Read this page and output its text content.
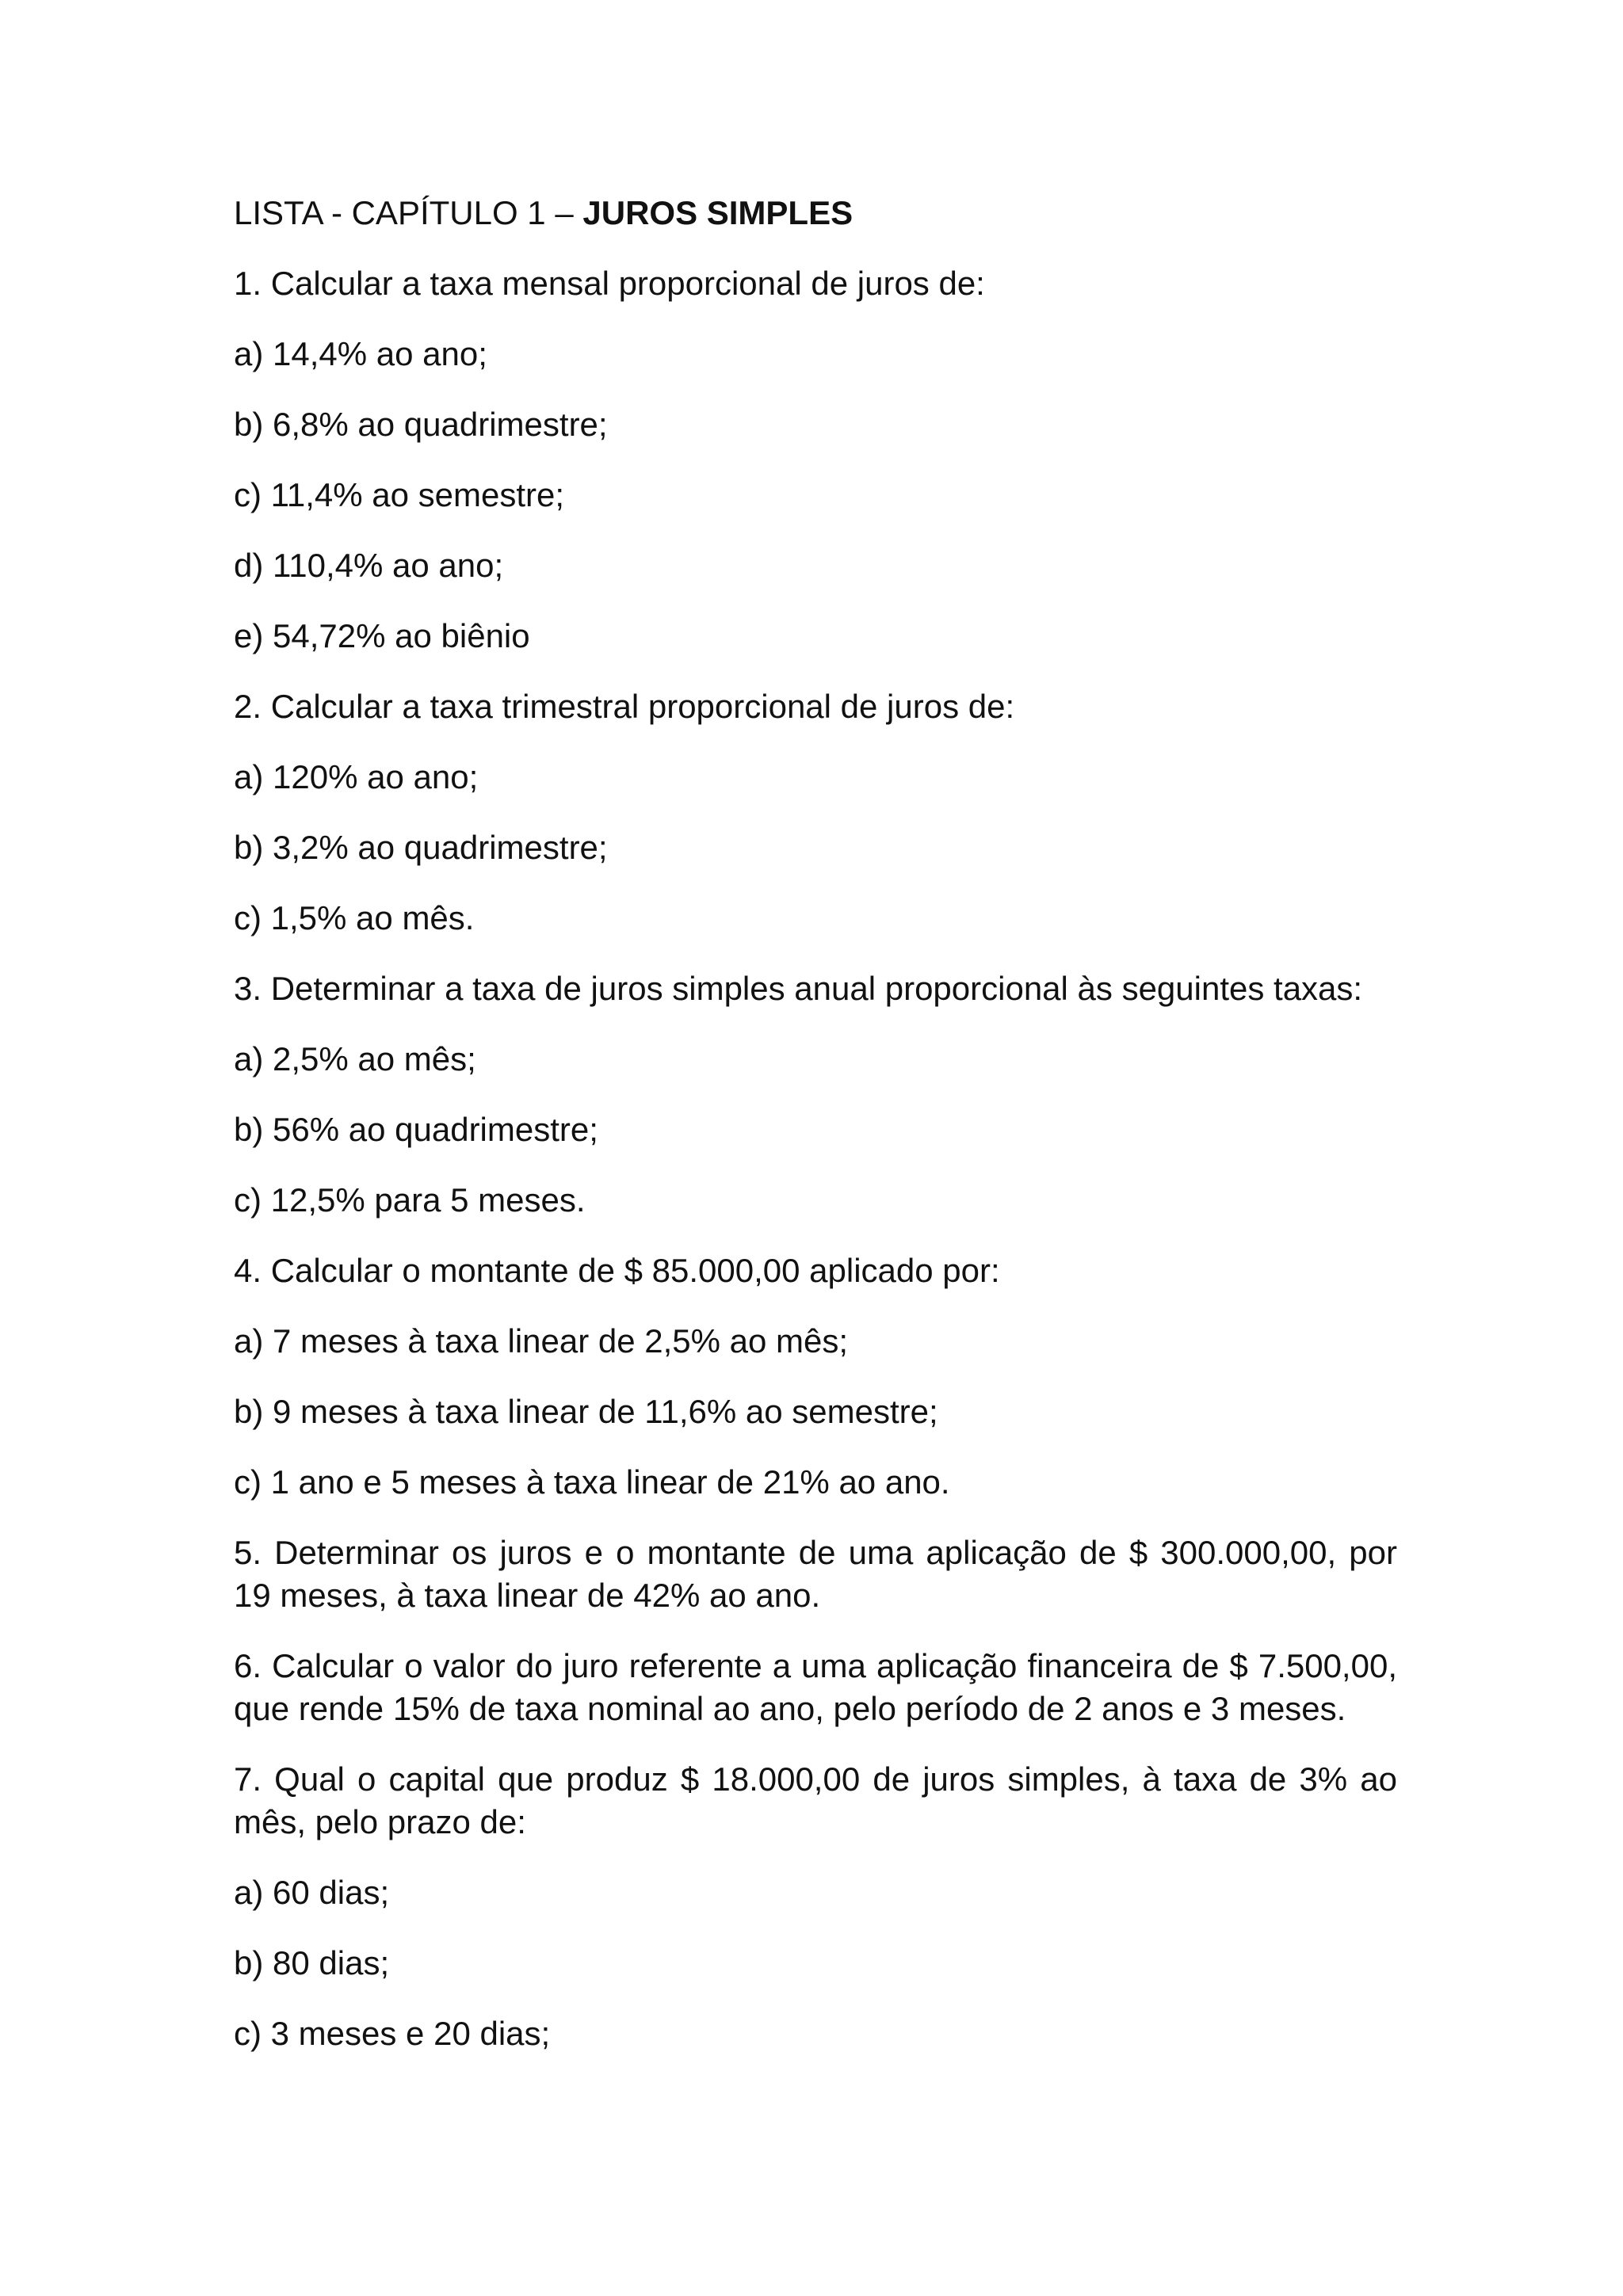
LISTA - CAPÍTULO 1 – JUROS SIMPLES

1. Calcular a taxa mensal proporcional de juros de:

a) 14,4% ao ano;

b) 6,8% ao quadrimestre;

c) 11,4% ao semestre;

d) 110,4% ao ano;

e) 54,72% ao biênio

2. Calcular a taxa trimestral proporcional de juros de:

a) 120% ao ano;

b) 3,2% ao quadrimestre;

c) 1,5% ao mês.

3. Determinar a taxa de juros simples anual proporcional às seguintes taxas:

a) 2,5% ao mês;

b) 56% ao quadrimestre;

c) 12,5% para 5 meses.

4. Calcular o montante de $ 85.000,00 aplicado por:

a) 7 meses à taxa linear de 2,5% ao mês;

b) 9 meses à taxa linear de 11,6% ao semestre;

c) 1 ano e 5 meses à taxa linear de 21% ao ano.

5. Determinar os juros e o montante de uma aplicação de $ 300.000,00, por 19 meses, à taxa linear de 42% ao ano.

6. Calcular o valor do juro referente a uma aplicação financeira de $ 7.500,00, que rende 15% de taxa nominal ao ano, pelo período de 2 anos e 3 meses.

7. Qual o capital que produz $ 18.000,00 de juros simples, à taxa de 3% ao mês, pelo prazo de:

a) 60 dias;

b) 80 dias;

c) 3 meses e 20 dias;
